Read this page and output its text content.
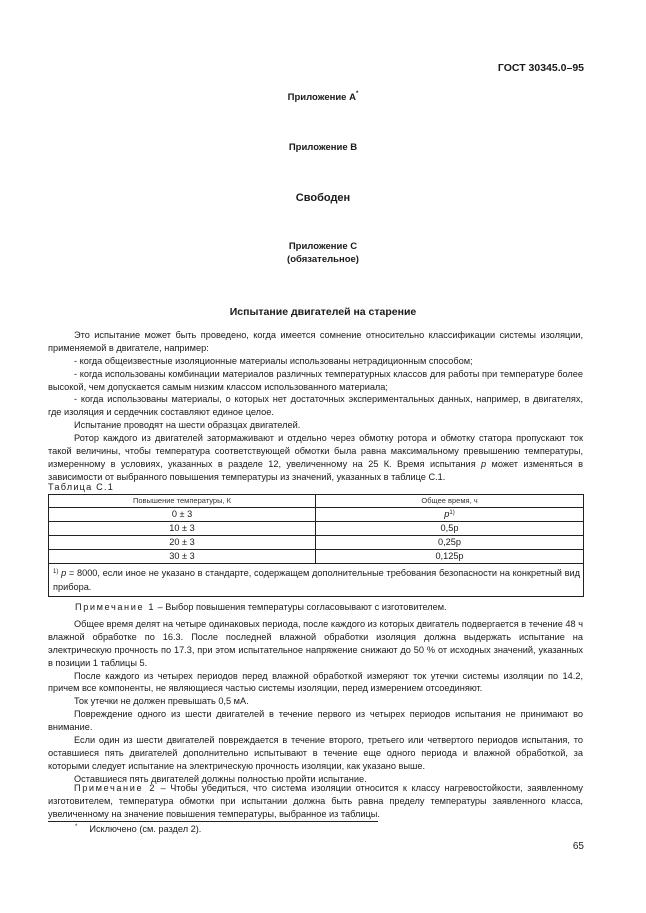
ГОСТ 30345.0–95
Приложение А*
Приложение В
Свободен
Приложение С
(обязательное)
Испытание двигателей на старение

Это испытание может быть проведено, когда имеется сомнение относительно классификации системы изоляции, применяемой в двигателе, например:

- когда общеизвестные изоляционные материалы использованы нетрадиционным способом;

- когда использованы комбинации материалов различных температурных классов для работы при температуре более высокой, чем допускается самым низким классом использованного материала;

- когда использованы материалы, о которых нет достаточных экспериментальных данных, например, в двигателях, где изоляция и сердечник составляют единое целое.

Испытание проводят на шести образцах двигателей.

Ротор каждого из двигателей затормаживают и отдельно через обмотку ротора и обмотку статора пропускают ток такой величины, чтобы температура соответствующей обмотки была равна максимальному превышению температуры, измеренному в условиях, указанных в разделе 12, увеличенному на 25 К. Время испытания p может изменяться в зависимости от выбранного повышения температуры из значений, указанных в таблице С.1.

Таблица С.1
Повышение температуры, К	Общее время, ч
0 ± 3	$p^{1)}$
10 ± 3	0,5p
20 ± 3	0,25p
30 ± 3	0,125p
$^{1)}$ p = 8000, если иное не указано в стандарте, содержащем дополнительные требования безопасности на конкретный вид прибора.	
Примечание 1 – Выбор повышения температуры согласовывают с изготовителем.

Общее время делят на четыре одинаковых периода, после каждого из которых двигатель подвергается в течение 48 ч влажной обработке по 16.3. После последней влажной обработки изоляция должна выдержать испытание на электрическую прочность по 17.3, при этом испытательное напряжение снижают до 50 % от исходных значений, указанных в позиции 1 таблицы 5.

После каждого из четырех периодов перед влажной обработкой измеряют ток утечки системы изоляции по 14.2, причем все компоненты, не являющиеся частью системы изоляции, перед измерением отсоединяют.

Ток утечки не должен превышать 0,5 мА.

Повреждение одного из шести двигателей в течение первого из четырех периодов испытания не принимают во внимание.

Если один из шести двигателей повреждается в течение второго, третьего или четвертого периодов испытания, то оставшиеся пять двигателей дополнительно испытывают в течение еще одного периода и влажной обработкой, за которыми следует испытание на электрическую прочность изоляции, как указано выше.

Оставшиеся пять двигателей должны полностью пройти испытание.

Примечание 2 – Чтобы убедиться, что система изоляции относится к классу нагревостойкости, заявленному изготовителем, температура обмотки при испытании должна быть равна пределу температуры заявленного класса, увеличенному на значение повышения температуры, выбранное из таблицы.

* Исключено (см. раздел 2).
65
